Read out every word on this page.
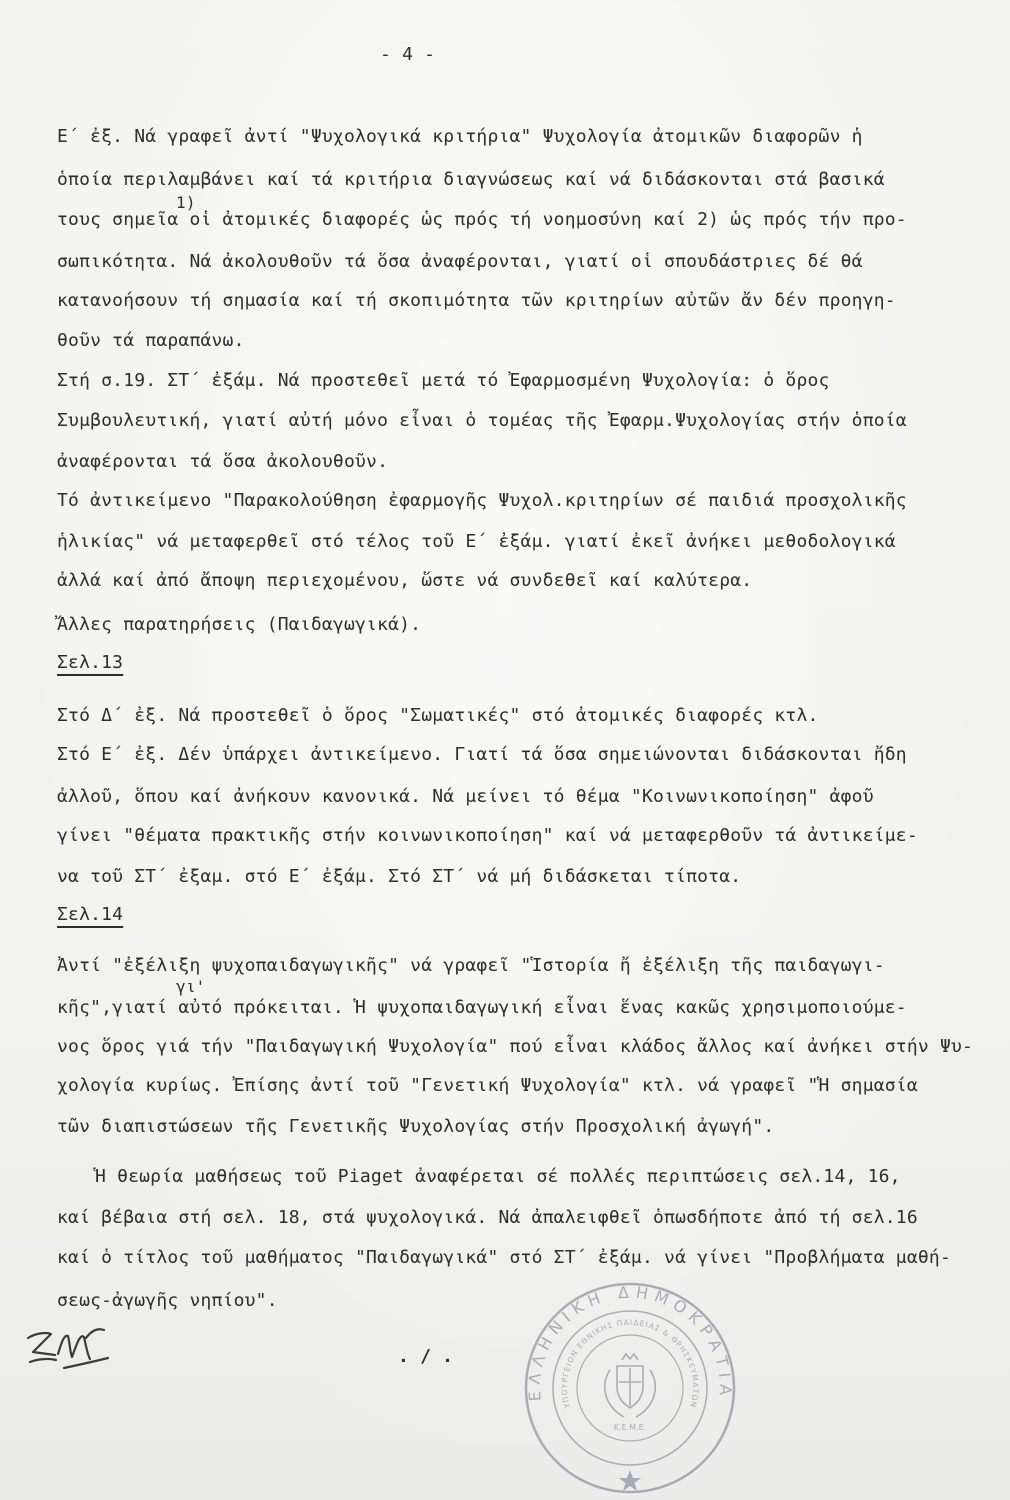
- 4 -
Ε΄ ἐξ. Νά γραφεῖ ἀντί "Ψυχολογικά κριτήρια" Ψυχολογία ἀτομικῶν διαφορῶν ἡ
ὁποία περιλαμβάνει καί τά κριτήρια διαγνώσεως καί νά διδάσκονται στά βασικά
1)
τους σημεῖα οἱ ἀτομικές διαφορές ὡς πρός τή νοημοσύνη καί 2) ὡς πρός τήν προ-
σωπικότητα. Νά ἀκολουθοῦν τά ὅσα ἀναφέρονται, γιατί οἱ σπουδάστριες δέ θά
κατανοήσουν τή σημασία καί τή σκοπιμότητα τῶν κριτηρίων αὐτῶν ἄν δέν προηγη-
θοῦν τά παραπάνω.
Στή σ.19. ΣΤ΄ ἐξάμ. Νά προστεθεῖ μετά τό Ἐφαρμοσμένη Ψυχολογία: ὁ ὅρος
Συμβουλευτική, γιατί αὐτή μόνο εἶναι ὁ τομέας τῆς Ἐφαρμ.Ψυχολογίας στήν ὁποία
ἀναφέρονται τά ὅσα ἀκολουθοῦν.
Τό ἀντικείμενο "Παρακολούθηση ἐφαρμογῆς Ψυχολ.κριτηρίων σέ παιδιά προσχολικῆς
ἡλικίας" νά μεταφερθεῖ στό τέλος τοῦ Ε΄ ἐξάμ. γιατί ἐκεῖ ἀνήκει μεθοδολογικά
ἀλλά καί ἀπό ἄποψη περιεχομένου, ὥστε νά συνδεθεῖ καί καλύτερα.
Ἄλλες παρατηρήσεις (Παιδαγωγικά).
Σελ.13
Στό Δ΄ ἐξ. Νά προστεθεῖ ὁ ὅρος "Σωματικές" στό ἀτομικές διαφορές κτλ.
Στό Ε΄ ἐξ. Δέν ὑπάρχει ἀντικείμενο. Γιατί τά ὅσα σημειώνονται διδάσκονται ἤδη
ἀλλοῦ, ὅπου καί ἀνήκουν κανονικά. Νά μείνει τό θέμα "Κοινωνικοποίηση" ἀφοῦ
γίνει "θέματα πρακτικῆς στήν κοινωνικοποίηση" καί νά μεταφερθοῦν τά ἀντικείμε-
να τοῦ ΣΤ΄ ἐξαμ. στό Ε΄ ἐξάμ. Στό ΣΤ΄ νά μή διδάσκεται τίποτα.
Σελ.14
Ἀντί "ἐξέλιξη ψυχοπαιδαγωγικῆς" νά γραφεῖ "Ἱστορία ἤ ἐξέλιξη τῆς παιδαγωγι-
γι'
κῆς",γιατί αὐτό πρόκειται. Ἡ ψυχοπαιδαγωγική εἶναι ἕνας κακῶς χρησιμοποιούμε-
νος ὅρος γιά τήν "Παιδαγωγική Ψυχολογία" πού εἶναι κλάδος ἄλλος καί ἀνήκει στήν Ψυ-
χολογία κυρίως. Ἐπίσης ἀντί τοῦ "Γενετική Ψυχολογία" κτλ. νά γραφεῖ "Ἡ σημασία
τῶν διαπιστώσεων τῆς Γενετικῆς Ψυχολογίας στήν Προσχολική ἀγωγή".
Ἡ θεωρία μαθήσεως τοῦ Piaget ἀναφέρεται σέ πολλές περιπτώσεις σελ.14, 16,
καί βέβαια στή σελ. 18, στά ψυχολογικά. Νά ἀπαλειφθεῖ ὁπωσδήποτε ἀπό τή σελ.16
καί ὁ τίτλος τοῦ μαθήματος "Παιδαγωγικά" στό ΣΤ΄ ἐξάμ. νά γίνει "Προβλήματα μαθή-
σεως-ἀγωγῆς νηπίου".
. / .
ΕΛΛΗΝΙΚΗ ΔΗΜΟΚΡΑΤΙΑ
ΥΠΟΥΡΓΕΙΟΝ ΕΘΝΙΚΗΣ ΠΑΙΔΕΙΑΣ & ΘΡΗΣΚΕΥΜΑΤΩΝ
Κ.Ε.Μ.Ε.
